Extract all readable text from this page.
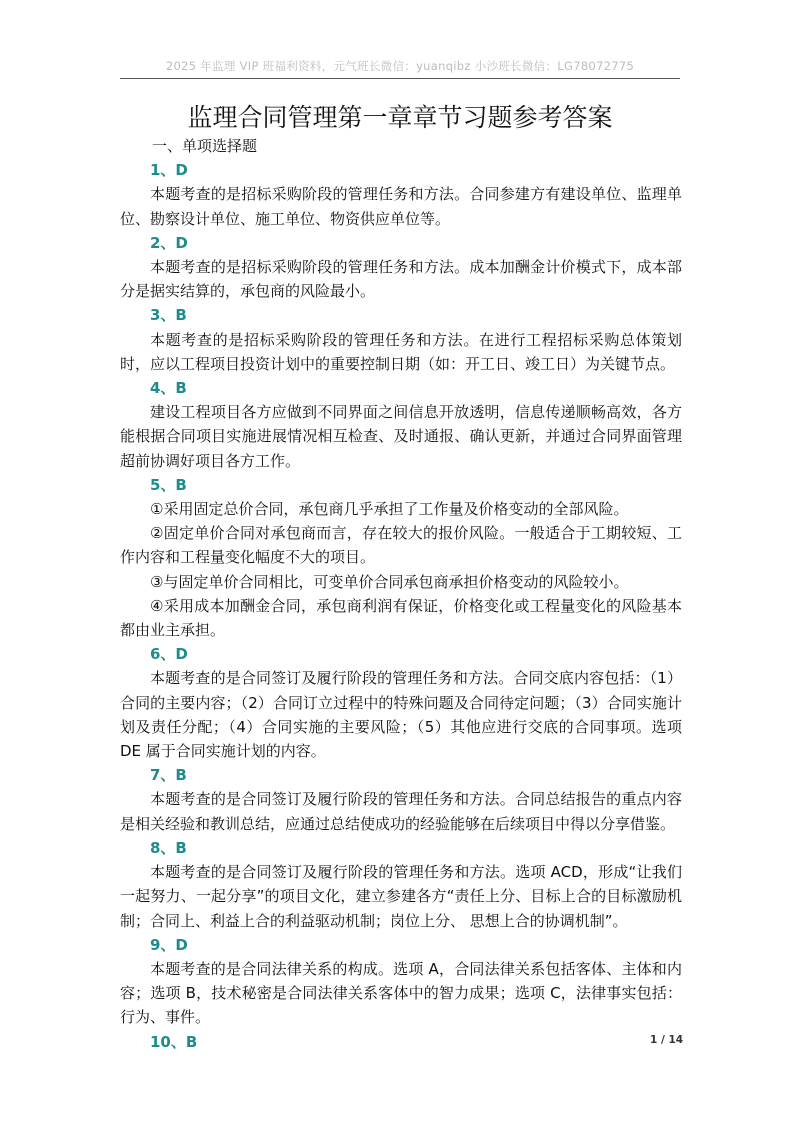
2025 年监理 VIP 班福利资料，元气班长微信：yuanqibz 小沙班长微信：LG78072775
监理合同管理第一章章节习题参考答案
一、单项选择题
1、D

本题考查的是招标采购阶段的管理任务和方法。合同参建方有建设单位、监理单位、勘察设计单位、施工单位、物资供应单位等。

2、D

本题考查的是招标采购阶段的管理任务和方法。成本加酬金计价模式下，成本部分是据实结算的，承包商的风险最小。

3、B

本题考查的是招标采购阶段的管理任务和方法。在进行工程招标采购总体策划时，应以工程项目投资计划中的重要控制日期（如：开工日、竣工日）为关键节点。

4、B

建设工程项目各方应做到不同界面之间信息开放透明，信息传递顺畅高效，各方能根据合同项目实施进展情况相互检查、及时通报、确认更新，并通过合同界面管理超前协调好项目各方工作。

5、B

①采用固定总价合同，承包商几乎承担了工作量及价格变动的全部风险。

②固定单价合同对承包商而言，存在较大的报价风险。一般适合于工期较短、工作内容和工程量变化幅度不大的项目。

③与固定单价合同相比，可变单价合同承包商承担价格变动的风险较小。

④采用成本加酬金合同，承包商利润有保证，价格变化或工程量变化的风险基本都由业主承担。

6、D

本题考查的是合同签订及履行阶段的管理任务和方法。合同交底内容包括：（1）合同的主要内容；（2）合同订立过程中的特殊问题及合同待定问题；（3）合同实施计划及责任分配；（4）合同实施的主要风险；（5）其他应进行交底的合同事项。选项 DE 属于合同实施计划的内容。

7、B

本题考查的是合同签订及履行阶段的管理任务和方法。合同总结报告的重点内容是相关经验和教训总结，应通过总结使成功的经验能够在后续项目中得以分享借鉴。

8、B

本题考查的是合同签订及履行阶段的管理任务和方法。选项 ACD，形成“让我们一起努力、一起分享”的项目文化，建立参建各方“责任上分、目标上合的目标激励机制；合同上、利益上合的利益驱动机制；岗位上分、 思想上合的协调机制”。

9、D

本题考查的是合同法律关系的构成。选项 A，合同法律关系包括客体、主体和内容；选项 B，技术秘密是合同法律关系客体中的智力成果；选项 C，法律事实包括：行为、事件。

10、B	1 / 14
